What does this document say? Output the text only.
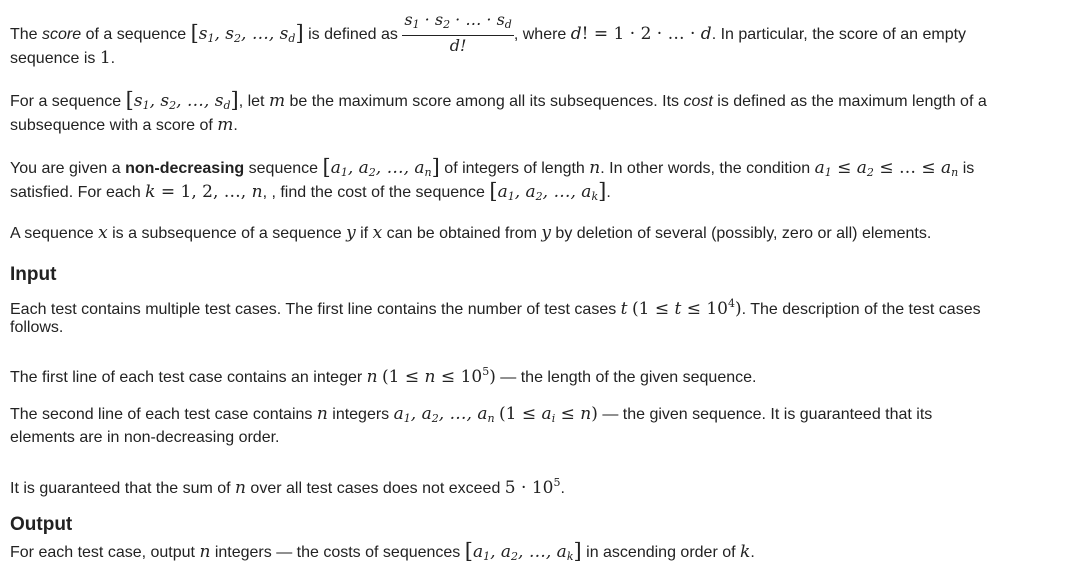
The score of a sequence [$s_1$, $s_2$, …, $s_d$] is defined as $\frac{s_1 \cdot s_2 \cdot \dots \cdot s_d}{d!}$ , where d! = 1 · 2 · … · d. In particular, the score of an empty
sequence is 1.
For a sequence [$s_1$, $s_2$, …, $s_d$], let m be the maximum score among all its subsequences. Its cost is defined as the maximum length of a
subsequence with a score of m.
You are given a non-decreasing sequence [$a_1$, $a_2$, …, $a_n$] of integers of length n. In other words, the condition $a_1 \le a_2$ ≤ … ≤ $a_n$ is
satisfied. For each k = 1, 2, …, n, , find the cost of the sequence [$a_1$, $a_2$, …, $a_k$].
A sequence x is a subsequence of a sequence y if x can be obtained from y by deletion of several (possibly, zero or all) elements.
Input
Each test contains multiple test cases. The first line contains the number of test cases t $(1 \le t \le 10^4)$. The description of the test cases
follows.
The first line of each test case contains an integer n $(1 \le n \le 10^5)$ — the length of the given sequence.
The second line of each test case contains n integers $a_1$, $a_2$, …, $a_n$ $(1 \le a_i \le n)$ — the given sequence. It is guaranteed that its
elements are in non-decreasing order.
It is guaranteed that the sum of n over all test cases does not exceed $5 \cdot 10^5$.
Output
For each test case, output n integers — the costs of sequences [$a_1$, $a_2$, …, $a_k$] in ascending order of k.
